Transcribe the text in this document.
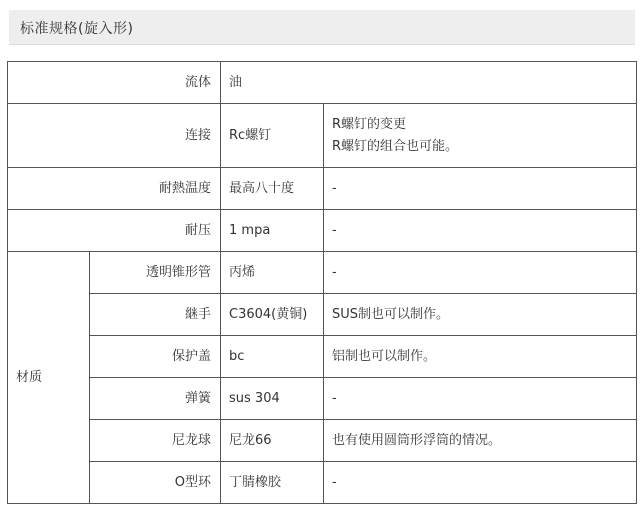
标准规格(旋入形)
流体		油	
连接		Rc螺钉	R螺钉的变更
R螺钉的组合也可能。

耐熱温度		最高八十度	-
耐压		1 mpa	-
材质	透明锥形管	丙烯	-
	継手	C3604(黄铜)	SUS制也可以制作。
	保护盖	bc	铝制也可以制作。
	弹簧	sus 304	-
	尼龙球	尼龙66	也有使用圆筒形浮筒的情况。
	O型环	丁腈橡胶	-
